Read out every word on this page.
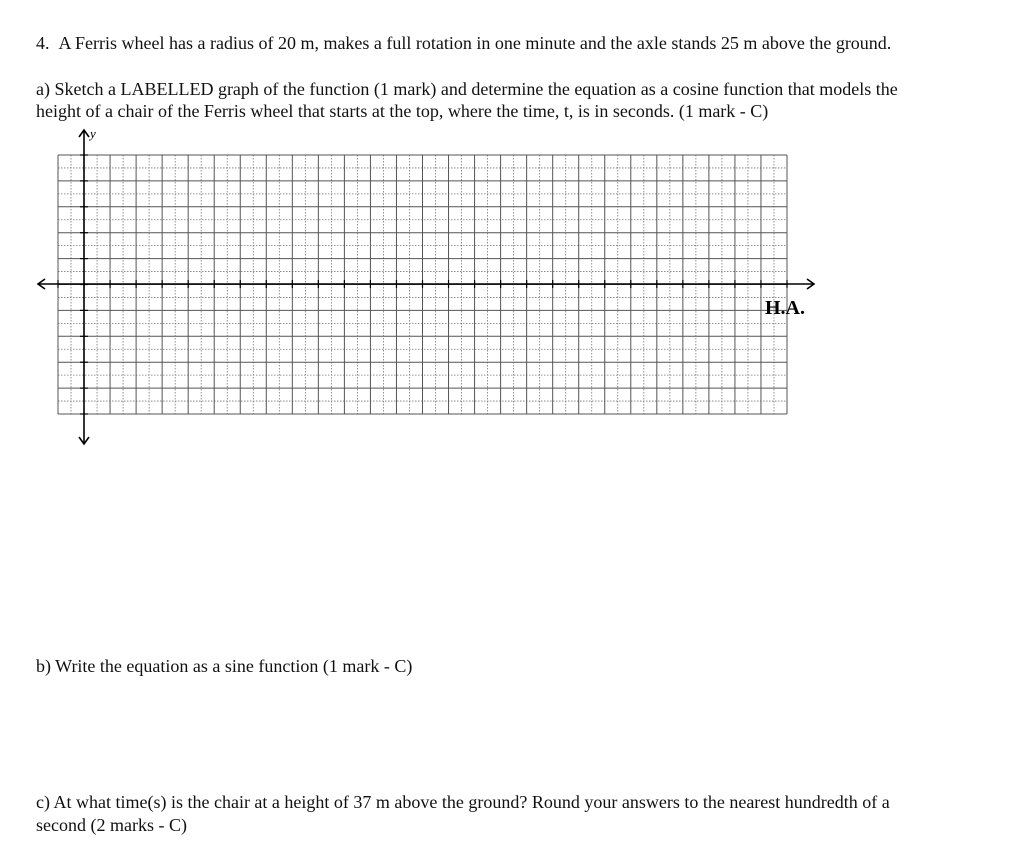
4. A Ferris wheel has a radius of 20 m, makes a full rotation in one minute and the axle stands 25 m above the ground.
a) Sketch a LABELLED graph of the function (1 mark) and determine the equation as a cosine function that models the
height of a chair of the Ferris wheel that starts at the top, where the time, t, is in seconds. (1 mark - C)
y
H.A.
b) Write the equation as a sine function (1 mark - C)
c) At what time(s) is the chair at a height of 37 m above the ground? Round your answers to the nearest hundredth of a
second (2 marks - C)
